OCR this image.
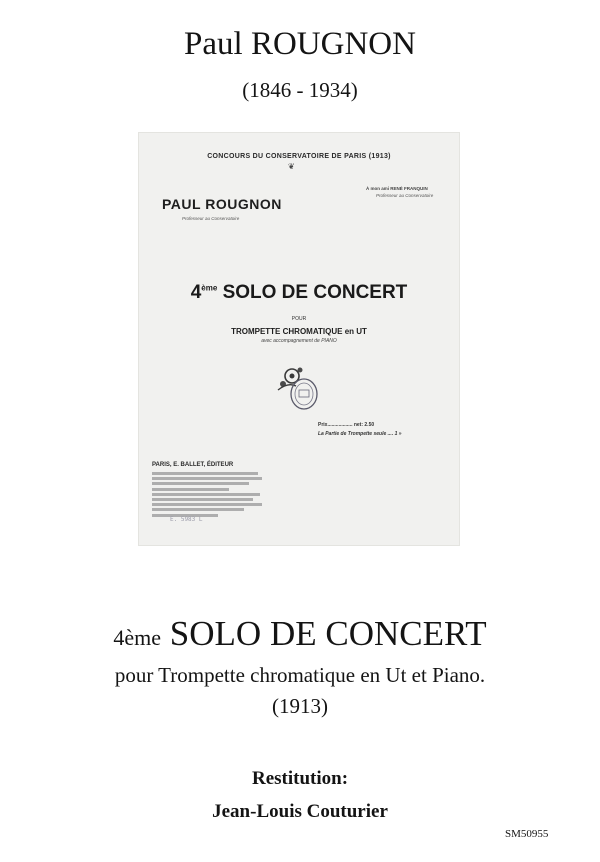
Paul ROUGNON
(1846 - 1934)
CONCOURS DU CONSERVATOIRE DE PARIS (1913)
❦
À mon ami RENÉ FRANQUIN
Professeur au Conservatoire
PAUL ROUGNON
Professeur au Conservatoire
4ème SOLO DE CONCERT
POUR
TROMPETTE CHROMATIQUE en UT
avec accompagnement de PIANO
Prix.................. net: 2.50
La Partie de Trompette seule .... 1 »
PARIS, E. BALLET, ÉDITEUR
E. 5983 L
4ème SOLO DE CONCERT
pour Trompette chromatique en Ut et Piano.
(1913)
Restitution:
Jean-Louis Couturier
SM50955
